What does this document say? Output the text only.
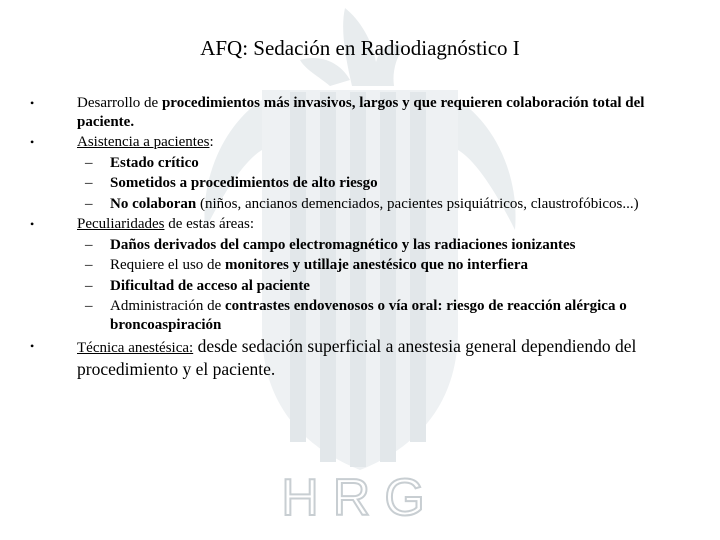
HRG
AFQ: Sedación en Radiodiagnóstico I
•	Desarrollo de procedimientos más invasivos, largos y que requieren colaboración total del paciente.
•	Asistencia a pacientes:
– Estado crítico
– Sometidos a procedimientos de alto riesgo
– No colaboran (niños, ancianos demenciados, pacientes psiquiátricos, claustrofóbicos...)
•	Peculiaridades de estas áreas:
– Daños derivados del campo electromagnético y las radiaciones ionizantes
– Requiere el uso de monitores y utillaje anestésico que no interfiera
– Dificultad de acceso al paciente
– Administración de contrastes endovenosos o vía oral: riesgo de reacción alérgica o broncoaspiración
•	Técnica anestésica: desde sedación superficial a anestesia general dependiendo del procedimiento y el paciente.
